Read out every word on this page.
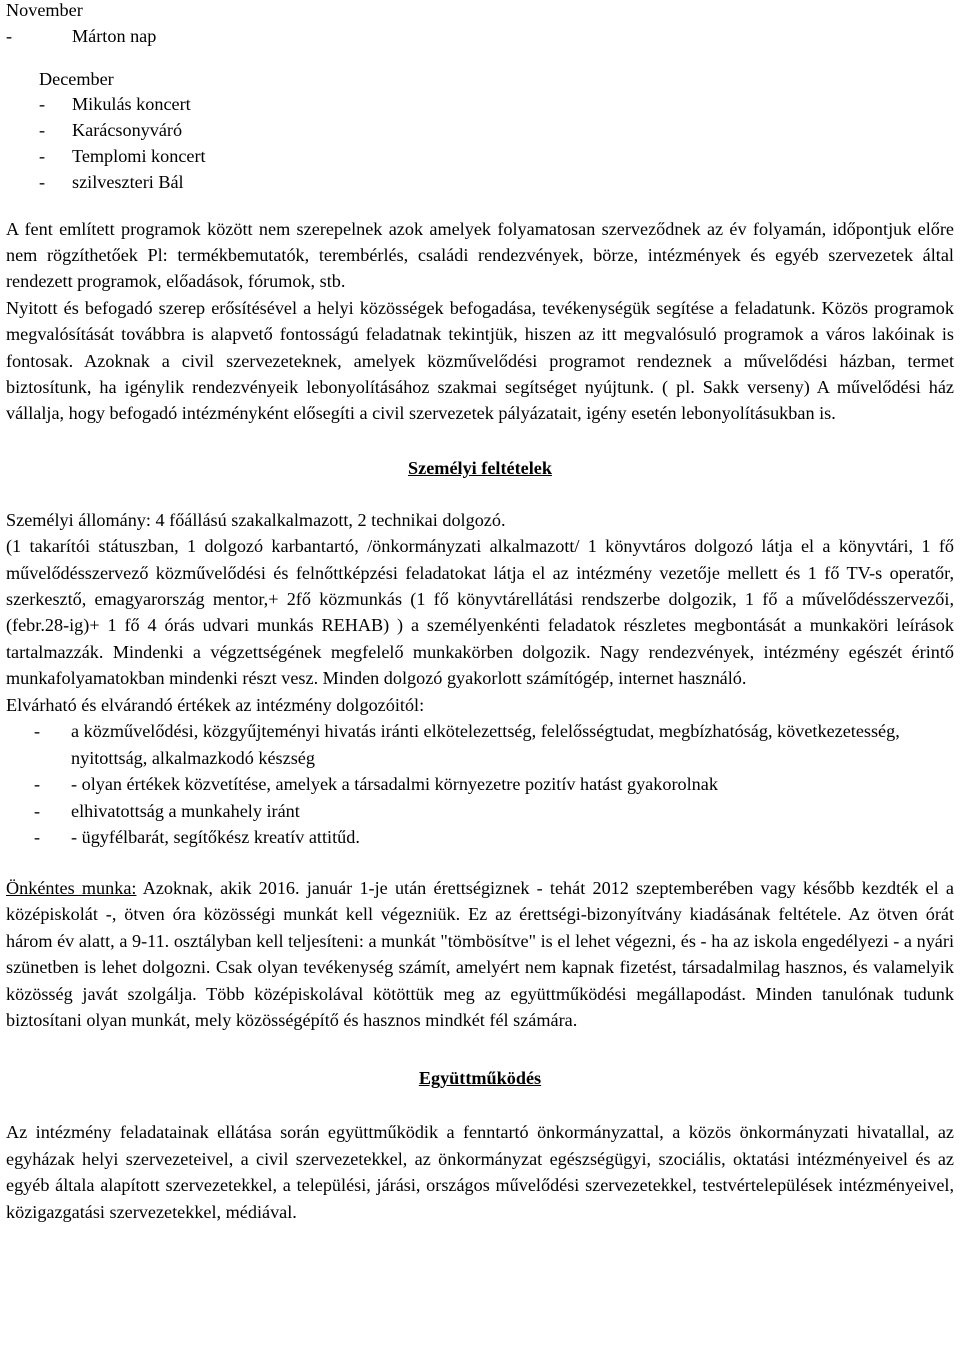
November
-	Márton nap
December
- Mikulás koncert
- Karácsonyváró
- Templomi koncert
- szilveszteri Bál

A fent említett programok között nem szerepelnek azok amelyek folyamatosan szerveződnek az év folyamán, időpontjuk előre nem rögzíthetőek Pl: termékbemutatók, terembérlés, családi rendezvények, börze, intézmények és egyéb szervezetek által rendezett programok, előadások, fórumok, stb.

Nyitott és befogadó szerep erősítésével a helyi közösségek befogadása, tevékenységük segítése a feladatunk. Közös programok megvalósítását továbbra is alapvető fontosságú feladatnak tekintjük, hiszen az itt megvalósuló programok a város lakóinak is fontosak. Azoknak a civil szervezeteknek, amelyek közművelődési programot rendeznek a művelődési házban, termet biztosítunk, ha igénylik rendezvényeik lebonyolításához szakmai segítséget nyújtunk. ( pl. Sakk verseny) A művelődési ház vállalja, hogy befogadó intézményként elősegíti a civil szervezetek pályázatait, igény esetén lebonyolításukban is.

Személyi feltételek

Személyi állomány: 4 főállású szakalkalmazott, 2 technikai dolgozó.

(1 takarítói státuszban, 1 dolgozó karbantartó, /önkormányzati alkalmazott/ 1 könyvtáros dolgozó látja el a könyvtári, 1 fő művelődésszervező közművelődési és felnőttképzési feladatokat látja el az intézmény vezetője mellett és 1 fő TV-s operatőr, szerkesztő, emagyarország mentor,+ 2fő közmunkás (1 fő könyvtárellátási rendszerbe dolgozik, 1 fő a művelődésszervezői, (febr.28-ig)+ 1 fő 4 órás udvari munkás REHAB) ) a személyenkénti feladatok részletes megbontását a munkaköri leírások tartalmazzák. Mindenki a végzettségének megfelelő munkakörben dolgozik. Nagy rendezvények, intézmény egészét érintő munkafolyamatokban mindenki részt vesz. Minden dolgozó gyakorlott számítógép, internet használó.

Elvárható és elvárandó értékek az intézmény dolgozóitól:

-	a közművelődési, közgyűjteményi hivatás iránti elkötelezettség, felelősségtudat, megbízhatóság, következetesség, nyitottság, alkalmazkodó készség
-	- olyan értékek közvetítése, amelyek a társadalmi környezetre pozitív hatást gyakorolnak
-	elhivatottság a munkahely iránt
-	- ügyfélbarát, segítőkész kreatív attitűd.

Önkéntes munka: Azoknak, akik 2016. január 1-je után érettségiznek - tehát 2012 szeptemberében vagy később kezdték el a középiskolát -, ötven óra közösségi munkát kell végezniük. Ez az érettségi-bizonyítvány kiadásának feltétele. Az ötven órát három év alatt, a 9-11. osztályban kell teljesíteni: a munkát "tömbösítve" is el lehet végezni, és - ha az iskola engedélyezi - a nyári szünetben is lehet dolgozni. Csak olyan tevékenység számít, amelyért nem kapnak fizetést, társadalmilag hasznos, és valamelyik közösség javát szolgálja. Több középiskolával kötöttük meg az együttműködési megállapodást. Minden tanulónak tudunk biztosítani olyan munkát, mely közösségépítő és hasznos mindkét fél számára.

Együttműködés

Az intézmény feladatainak ellátása során együttműködik a fenntartó önkormányzattal, a közös önkormányzati hivatallal, az egyházak helyi szervezeteivel, a civil szervezetekkel, az önkormányzat egészségügyi, szociális, oktatási intézményeivel és az egyéb általa alapított szervezetekkel, a települési, járási, országos művelődési szervezetekkel, testvértelepülések intézményeivel, közigazgatási szervezetekkel, médiával.
